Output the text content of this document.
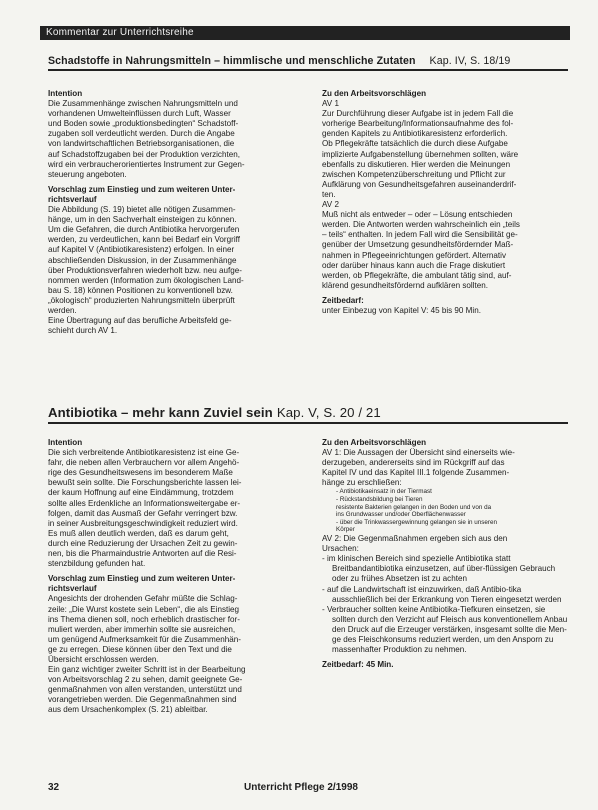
Kommentar zur Unterrichtsreihe
Schadstoffe in Nahrungsmitteln – himmlische und menschliche Zutaten Kap. IV, S. 18/19

Intention

Die Zusammenhänge zwischen Nahrungsmitteln und

vorhandenen Umwelteinflüssen durch Luft, Wasser

und Boden sowie „produktionsbedingten“ Schadstoff-

zugaben soll verdeutlicht werden. Durch die Angabe

von landwirtschaftlichen Betriebsorganisationen, die

auf Schadstoffzugaben bei der Produktion verzichten,

wird ein verbraucherorientiertes Instrument zur Gegen-

steuerung angeboten.

Vorschlag zum Einstieg und zum weiteren Unter-

richtsverlauf

Die Abbildung (S. 19) bietet alle nötigen Zusammen-

hänge, um in den Sachverhalt einsteigen zu können.

Um die Gefahren, die durch Antibiotika hervorgerufen

werden, zu verdeutlichen, kann bei Bedarf ein Vorgriff

auf Kapitel V (Antibiotikaresistenz) erfolgen. In einer

abschließenden Diskussion, in der Zusammenhänge

über Produktionsverfahren wiederholt bzw. neu aufge-

nommen werden (Information zum ökologischen Land-

bau S. 18) können Positionen zu konventionell bzw.

„ökologisch“ produzierten Nahrungsmitteln überprüft

werden.

Eine Übertragung auf das berufliche Arbeitsfeld ge-

schieht durch AV 1.

Zu den Arbeitsvorschlägen

AV 1

Zur Durchführung dieser Aufgabe ist in jedem Fall die

vorherige Bearbeitung/Informationsaufnahme des fol-

genden Kapitels zu Antibiotikaresistenz erforderlich.

Ob Pflegekräfte tatsächlich die durch diese Aufgabe

implizierte Aufgabenstellung übernehmen sollten, wäre

ebenfalls zu diskutieren. Hier werden die Meinungen

zwischen Kompetenzüberschreitung und Pflicht zur

Aufklärung von Gesundheitsgefahren auseinanderdrif-

ten.

AV 2

Muß nicht als entweder – oder – Lösung entschieden

werden. Die Antworten werden wahrscheinlich ein „teils

– teils“ enthalten. In jedem Fall wird die Sensibilität ge-

genüber der Umsetzung gesundheitsfördernder Maß-

nahmen in Pflegeeinrichtungen gefördert. Alternativ

oder darüber hinaus kann auch die Frage diskutiert

werden, ob Pflegekräfte, die ambulant tätig sind, auf-

klärend gesundheitsfördernd aufklären sollten.

Zeitbedarf:

unter Einbezug von Kapitel V: 45 bis 90 Min.

Antibiotika – mehr kann Zuviel sein Kap. V, S. 20 / 21

Intention

Die sich verbreitende Antibiotikaresistenz ist eine Ge-

fahr, die neben allen Verbrauchern vor allem Angehö-

rige des Gesundheitswesens im besonderem Maße

bewußt sein sollte. Die Forschungsberichte lassen lei-

der kaum Hoffnung auf eine Eindämmung, trotzdem

sollte alles Erdenkliche an Informationsweitergabe er-

folgen, damit das Ausmaß der Gefahr verringert bzw.

in seiner Ausbreitungsgeschwindigkeit reduziert wird.

Es muß allen deutlich werden, daß es darum geht,

durch eine Reduzierung der Ursachen Zeit zu gewin-

nen, bis die Pharmaindustrie Antworten auf die Resi-

stenzbildung gefunden hat.

Vorschlag zum Einstieg und zum weiteren Unter-

richtsverlauf

Angesichts der drohenden Gefahr müßte die Schlag-

zeile: „Die Wurst kostete sein Leben“, die als Einstieg

ins Thema dienen soll, noch erheblich drastischer for-

muliert werden, aber immerhin sollte sie ausreichen,

um genügend Aufmerksamkeit für die Zusammenhän-

ge zu erregen. Diese können über den Text und die

Übersicht erschlossen werden.

Ein ganz wichtiger zweiter Schritt ist in der Bearbeitung

von Arbeitsvorschlag 2 zu sehen, damit geeignete Ge-

genmaßnahmen von allen verstanden, unterstützt und

vorangetrieben werden. Die Gegenmaßnahmen sind

aus dem Ursachenkomplex (S. 21) ableitbar.

Zu den Arbeitsvorschlägen

AV 1: Die Aussagen der Übersicht sind einerseits wie-

derzugeben, andererseits sind im Rückgriff auf das

Kapitel IV und das Kapitel III.1 folgende Zusammen-

hänge zu erschließen:

- Antibiotikaeinsatz in der Tiermast

- Rückstandsbildung bei Tieren

resistente Bakterien gelangen in den Boden und von da

ins Grundwasser und/oder Oberflächenwasser

- über die Trinkwassergewinnung gelangen sie in unseren

Körper

AV 2: Die Gegenmaßnahmen ergeben sich aus den

Ursachen:

- im klinischen Bereich sind spezielle Antibiotika statt Breitbandantibiotika einzusetzen, auf über-flüssigen Gebrauch oder zu frühes Absetzen ist zu achten

- auf die Landwirtschaft ist einzuwirken, daß Antibio-tika ausschließlich bei der Erkrankung von Tieren eingesetzt werden

- Verbraucher sollten keine Antibiotika-Tiefkuren einsetzen, sie sollten durch den Verzicht auf Fleisch aus konventionellem Anbau den Druck auf die Erzeuger verstärken, insgesamt sollte die Men-ge des Fleischkonsums reduziert werden, um den Ansporn zu massenhafter Produktion zu nehmen.

Zeitbedarf: 45 Min.

32	Unterricht Pflege 2/1998
